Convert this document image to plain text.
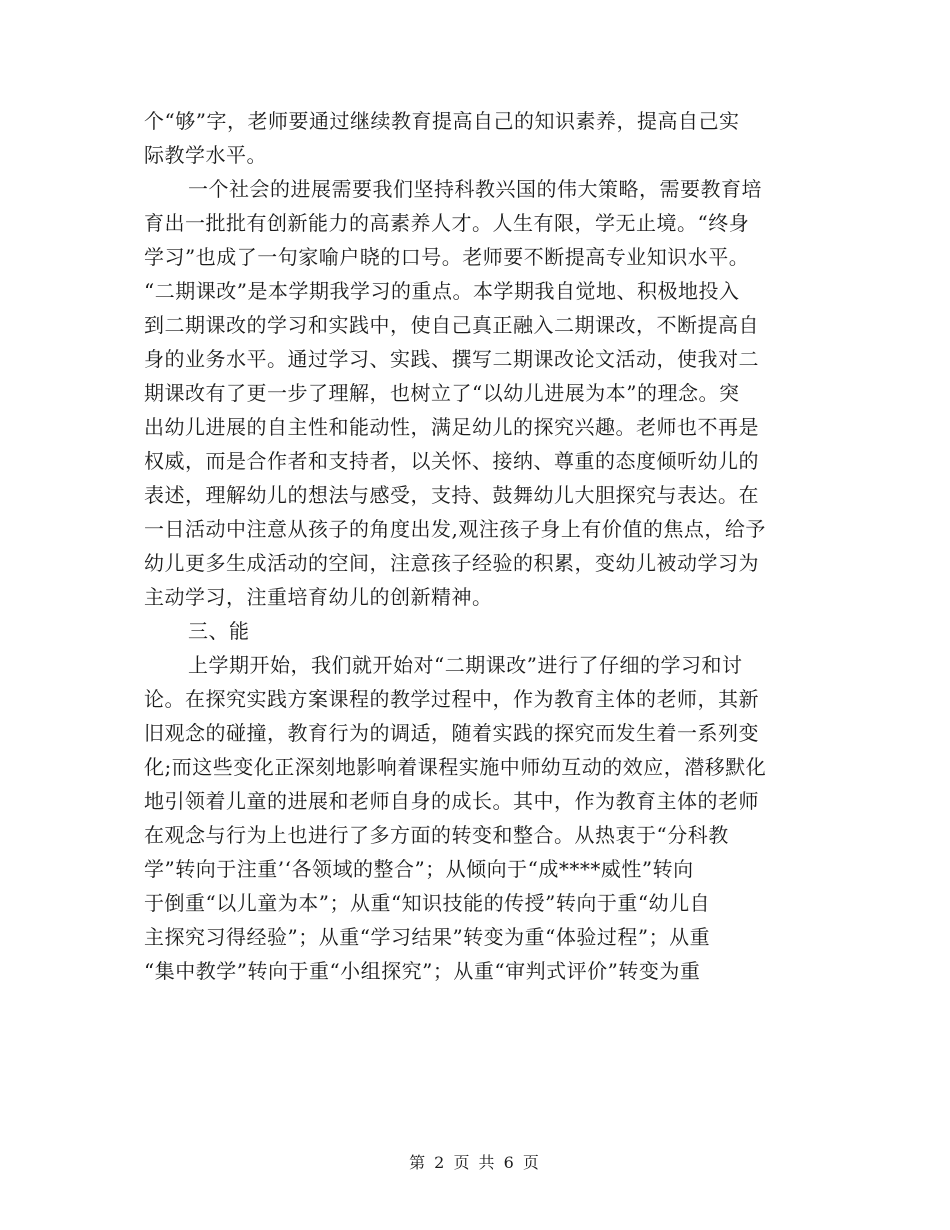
个“够”字，老师要通过继续教育提高自己的知识素养，提高自己实
际教学水平。
一个社会的进展需要我们坚持科教兴国的伟大策略，需要教育培
育出一批批有创新能力的高素养人才。人生有限，学无止境。“终身
学习”也成了一句家喻户晓的口号。老师要不断提高专业知识水平。
“二期课改”是本学期我学习的重点。本学期我自觉地、积极地投入
到二期课改的学习和实践中，使自己真正融入二期课改，不断提高自
身的业务水平。通过学习、实践、撰写二期课改论文活动，使我对二
期课改有了更一步了理解，也树立了“以幼儿进展为本”的理念。突
出幼儿进展的自主性和能动性，满足幼儿的探究兴趣。老师也不再是
权威，而是合作者和支持者，以关怀、接纳、尊重的态度倾听幼儿的
表述，理解幼儿的想法与感受，支持、鼓舞幼儿大胆探究与表达。在
一日活动中注意从孩子的角度出发,观注孩子身上有价值的焦点，给予
幼儿更多生成活动的空间，注意孩子经验的积累，变幼儿被动学习为
主动学习，注重培育幼儿的创新精神。
三、能
上学期开始，我们就开始对“二期课改”进行了仔细的学习和讨
论。在探究实践方案课程的教学过程中，作为教育主体的老师，其新
旧观念的碰撞，教育行为的调适，随着实践的探究而发生着一系列变
化;而这些变化正深刻地影响着课程实施中师幼互动的效应，潜移默化
地引领着儿童的进展和老师自身的成长。其中，作为教育主体的老师
在观念与行为上也进行了多方面的转变和整合。从热衷于“分科教
学”转向于注重’‘各领域的整合”；从倾向于“成****威性”转向
于倒重“以儿童为本”；从重“知识技能的传授”转向于重“幼儿自
主探究习得经验”；从重“学习结果”转变为重“体验过程”；从重
“集中教学”转向于重“小组探究”；从重“审判式评价”转变为重
第 2 页 共 6 页
